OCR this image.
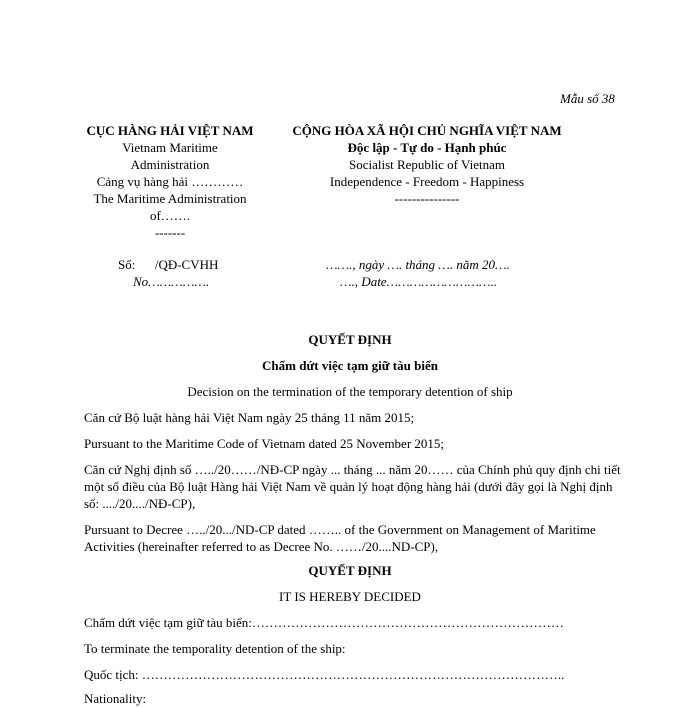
Mẫu số 38
CỤC HÀNG HẢI VIỆT NAM
Vietnam Maritime
Administration
Cảng vụ hàng hải …………
The Maritime Administration
of…….
-------
CỘNG HÒA XÃ HỘI CHỦ NGHĨA VIỆT NAM
Độc lập - Tự do - Hạnh phúc
Socialist Republic of Vietnam
Independence - Freedom - Happiness
---------------
Số:      /QĐ-CVHH
No…………….
……., ngày …. tháng …. năm 20….
…., Date………………………..
QUYẾT ĐỊNH
Chấm dứt việc tạm giữ tàu biển
Decision on the termination of the temporary detention of ship
Căn cứ Bộ luật hàng hải Việt Nam ngày 25 tháng 11 năm 2015;
Pursuant to the Maritime Code of Vietnam dated 25 November 2015;
Căn cứ Nghị định số …../20……/NĐ-CP ngày ... tháng ... năm 20…… của Chính phủ quy định chi tiết một số điều của Bộ luật Hàng hải Việt Nam về quản lý hoạt động hàng hải (dưới đây gọi là Nghị định số: ..../20..../NĐ-CP),
Pursuant to Decree …../20.../ND-CP dated …….. of the Government on Management of Maritime Activities (hereinafter referred to as Decree No. ……/20....ND-CP),
QUYẾT ĐỊNH
IT IS HEREBY DECIDED
Chấm dứt việc tạm giữ tàu biển:………………………………………………………………
To terminate the temporality detention of the ship:
Quốc tịch: ……………………………………………………………………………………..
Nationality:
